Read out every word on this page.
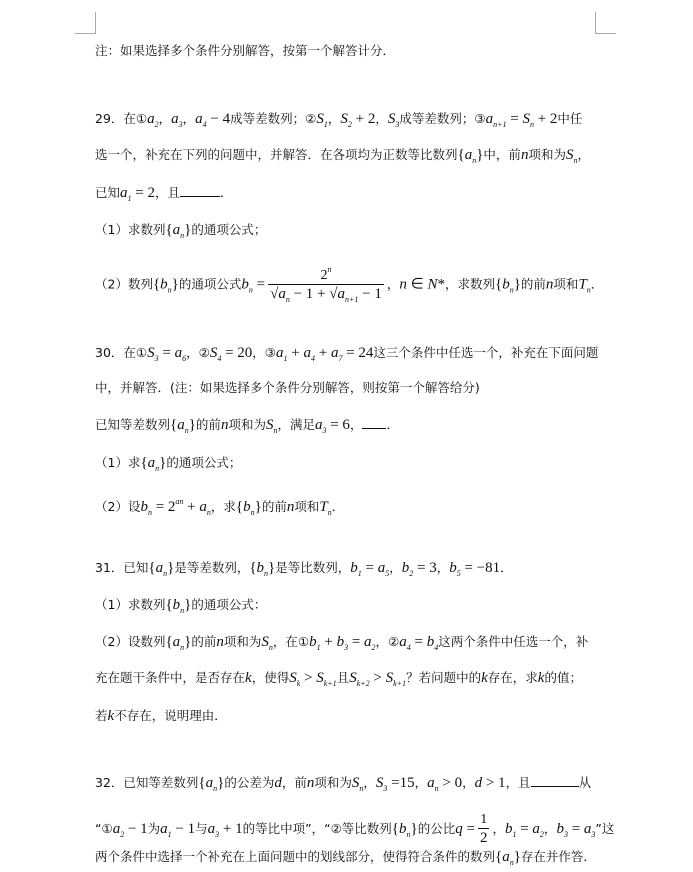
注：如果选择多个条件分别解答，按第一个解答计分．
29．在$①a_2$，$a_3$，$a_4 - 4$成等差数列；$②S_1$，$S_2 + 2$，$S_3$成等差数列；$③a_{n+1} = S_n + 2$中任
选一个，补充在下列的问题中，并解答．在各项均为正数等比数列$\{a_n\}$中，前n项和为$S_n$，
已知$a_1 = 2$，且	．
（1）求数列$\{a_n\}$的通项公式；
（2）数列$\{b_n\}$的通项公式$b_n = \frac{2^n}{√a_n - 1 + √a_{n+1} - 1}$ ，n ∈ N*，求数列$\{b_n\}$的前n项和$T_n$．
30．在$①S_3 = a_6$，$②S_4 = 20$，$③a_1 + a_4 + a_7 = 24$这三个条件中任选一个，补充在下面问题
中，并解答．(注：如果选择多个条件分别解答，则按第一个解答给分)
已知等差数列$\{a_n\}$的前n项和为$S_n$，满足$a_3 = 6$， ．
（1）求$\{a_n\}$的通项公式；
（2）设$b_n = 2^{an} + a_n$，求$\{b_n\}$的前n项和$T_n$．
31．已知$\{a_n\}$是等差数列，$\{b_n\}$是等比数列，$b_1 = a_5$，$b_2 = 3$，$b_5 = -81$．
（1）求数列$\{b_n\}$的通项公式：
（2）设数列$\{a_n\}$的前n项和为$S_n$，在$①b_1 + b_3 = a_2$，$②a_4 = b_4$这两个条件中任选一个，补
充在题干条件中，是否存在k，使得$S_k > S_{k+1}$且$S_{k+2} > S_{k+1}$？若问题中的k存在，求k的值；
若k不存在，说明理由．
32．已知等差数列$\{a_n\}$的公差为d，前n项和为$S_n$，$S_3 =15$，$a_n > 0$，d > 1，且	从
“$①a_2 - 1$为$a_1 - 1$与$a_3 + 1$的等比中项”，“②等比数列$\{b_n\}$的公比$q = \frac{1}{2}$ ，$b_1 = a_2$，$b_3 = a_3$”这
两个条件中选择一个补充在上面问题中的划线部分，使得符合条件的数列$\{a_n\}$存在并作答．
